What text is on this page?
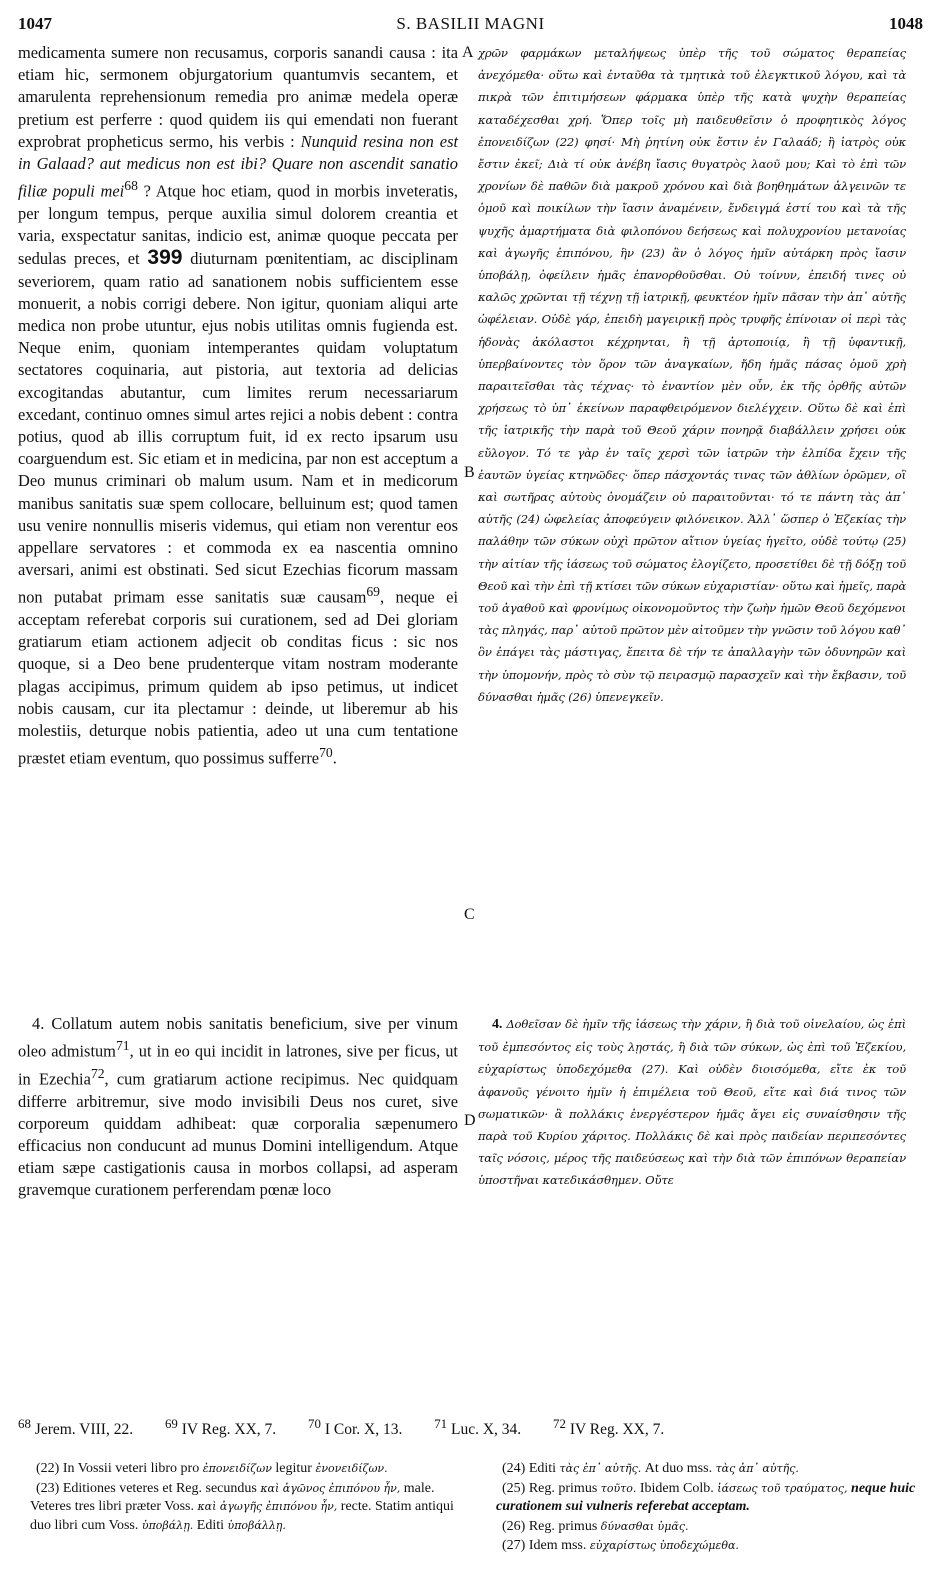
1047	S. BASILII MAGNI	1048
A
B
C
D

medicamenta sumere non recusamus, corporis sanandi causa : ita etiam hic, sermonem objurgatorium quantumvis secantem, et amarulenta reprehensionum remedia pro animæ medela operæ pretium est perferre : quod quidem iis qui emendati non fuerant exprobrat propheticus sermo, his verbis : Nunquid resina non est in Galaad? aut medicus non est ibi? Quare non ascendit sanatio filiæ populi mei$^{68}$ ? Atque hoc etiam, quod in morbis inveteratis, per longum tempus, perque auxilia simul dolorem creantia et varia, exspectatur sanitas, indicio est, animæ quoque peccata per sedulas preces, et 399 diuturnam pœnitentiam, ac disciplinam severiorem, quam ratio ad sanationem nobis sufficientem esse monuerit, a nobis corrigi debere. Non igitur, quoniam aliqui arte medica non probe utuntur, ejus nobis utilitas omnis fugienda est. Neque enim, quoniam intemperantes quidam voluptatum sectatores coquinaria, aut pistoria, aut textoria ad delicias excogitandas abutantur, cum limites rerum necessariarum excedant, continuo omnes simul artes rejici a nobis debent : contra potius, quod ab illis corruptum fuit, id ex recto ipsarum usu coarguendum est. Sic etiam et in medicina, par non est acceptum a Deo munus criminari ob malum usum. Nam et in medicorum manibus sanitatis suæ spem collocare, belluinum est; quod tamen usu venire nonnullis miseris videmus, qui etiam non verentur eos appellare servatores : et commoda ex ea nascentia omnino aversari, animi est obstinati. Sed sicut Ezechias ficorum massam non putabat primam esse sanitatis suæ causam$^{69}$, neque ei acceptam referebat corporis sui curationem, sed ad Dei gloriam gratiarum etiam actionem adjecit ob conditas ficus : sic nos quoque, si a Deo bene prudenterque vitam nostram moderante plagas accipimus, primum quidem ab ipso petimus, ut indicet nobis causam, cur ita plectamur : deinde, ut liberemur ab his molestiis, deturque nobis patientia, adeo ut una cum tentatione præstet etiam eventum, quo possimus sufferre$^{70}$.

4. Collatum autem nobis sanitatis beneficium, sive per vinum oleo admistum$^{71}$, ut in eo qui incidit in latrones, sive per ficus, ut in Ezechia$^{72}$, cum gratiarum actione recipimus. Nec quidquam differre arbitremur, sive modo invisibili Deus nos curet, sive corporeum quiddam adhibeat: quæ corporalia sæpenumero efficacius non conducunt ad munus Domini intelligendum. Atque etiam sæpe castigationis causa in morbos collapsi, ad asperam gravemque curationem perferendam pœnæ loco

χρῶν φαρμάκων μεταλήψεως ὑπὲρ τῆς τοῦ σώματος θεραπείας ἀνεχόμεθα· οὕτω καὶ ἐνταῦθα τὰ τμητικὰ τοῦ ἐλεγκτικοῦ λόγου, καὶ τὰ πικρὰ τῶν ἐπιτιμήσεων φάρμακα ὑπὲρ τῆς κατὰ ψυχὴν θεραπείας καταδέχεσθαι χρή. Ὅπερ τοῖς μὴ παιδευθεῖσιν ὁ προφητικὸς λόγος ἐπονειδίζων (22) φησί· Μὴ ῥητίνη οὐκ ἔστιν ἐν Γαλαάδ; ἢ ἰατρὸς οὐκ ἔστιν ἐκεῖ; Διὰ τί οὐκ ἀνέβη ἴασις θυγατρὸς λαοῦ μου; Καὶ τὸ ἐπὶ τῶν χρονίων δὲ παθῶν διὰ μακροῦ χρόνου καὶ διὰ βοηθημάτων ἀλγεινῶν τε ὁμοῦ καὶ ποικίλων τὴν ἴασιν ἀναμένειν, ἔνδειγμά ἐστί του καὶ τὰ τῆς ψυχῆς ἁμαρτήματα διὰ φιλοπόνου δεήσεως καὶ πολυχρονίου μετανοίας καὶ ἀγωγῆς ἐπιπόνου, ἣν (23) ἂν ὁ λόγος ἡμῖν αὐτάρκη πρὸς ἴασιν ὑποβάλῃ, ὀφείλειν ἡμᾶς ἐπανορθοῦσθαι. Οὐ τοίνυν, ἐπειδή τινες οὐ καλῶς χρῶνται τῇ τέχνῃ τῇ ἰατρικῇ, φευκτέον ἡμῖν πᾶσαν τὴν ἀπ᾽ αὐτῆς ὠφέλειαν. Οὐδὲ γάρ, ἐπειδὴ μαγειρικῇ πρὸς τρυφῆς ἐπίνοιαν οἱ περὶ τὰς ἡδονὰς ἀκόλαστοι κέχρηνται, ἢ τῇ ἀρτοποιίᾳ, ἢ τῇ ὑφαντικῇ, ὑπερβαίνοντες τὸν ὅρον τῶν ἀναγκαίων, ἤδη ἡμᾶς πάσας ὁμοῦ χρὴ παραιτεῖσθαι τὰς τέχνας· τὸ ἐναντίον μὲν οὖν, ἐκ τῆς ὀρθῆς αὐτῶν χρήσεως τὸ ὑπ᾽ ἐκείνων παραφθειρόμενον διελέγχειν. Οὕτω δὲ καὶ ἐπὶ τῆς ἰατρικῆς τὴν παρὰ τοῦ Θεοῦ χάριν πονηρᾷ διαβάλλειν χρήσει οὐκ εὔλογον. Τό τε γὰρ ἐν ταῖς χερσὶ τῶν ἰατρῶν τὴν ἐλπίδα ἔχειν τῆς ἑαυτῶν ὑγείας κτηνῶδες· ὅπερ πάσχοντάς τινας τῶν ἀθλίων ὁρῶμεν, οἳ καὶ σωτῆρας αὐτοὺς ὀνομάζειν οὐ παραιτοῦνται· τό τε πάντη τὰς ἀπ᾽ αὐτῆς (24) ὠφελείας ἀποφεύγειν φιλόνεικον. Ἀλλ᾽ ὥσπερ ὁ Ἐζεκίας τὴν παλάθην τῶν σύκων οὐχὶ πρῶτον αἴτιον ὑγείας ἡγεῖτο, οὐδὲ τούτῳ (25) τὴν αἰτίαν τῆς ἰάσεως τοῦ σώματος ἐλογίζετο, προσετίθει δὲ τῇ δόξῃ τοῦ Θεοῦ καὶ τὴν ἐπὶ τῇ κτίσει τῶν σύκων εὐχαριστίαν· οὕτω καὶ ἡμεῖς, παρὰ τοῦ ἀγαθοῦ καὶ φρονίμως οἰκονομοῦντος τὴν ζωὴν ἡμῶν Θεοῦ δεχόμενοι τὰς πληγάς, παρ᾽ αὐτοῦ πρῶτον μὲν αἰτοῦμεν τὴν γνῶσιν τοῦ λόγου καθ᾽ ὃν ἐπάγει τὰς μάστιγας, ἔπειτα δὲ τήν τε ἀπαλλαγὴν τῶν ὀδυνηρῶν καὶ τὴν ὑπομονήν, πρὸς τὸ σὺν τῷ πειρασμῷ παρασχεῖν καὶ τὴν ἔκβασιν, τοῦ δύνασθαι ἡμᾶς (26) ὑπενεγκεῖν.

4. Δοθεῖσαν δὲ ἡμῖν τῆς ἰάσεως τὴν χάριν, ἢ διὰ τοῦ οἰνελαίου, ὡς ἐπὶ τοῦ ἐμπεσόντος εἰς τοὺς λῃστάς, ἢ διὰ τῶν σύκων, ὡς ἐπὶ τοῦ Ἐζεκίου, εὐχαρίστως ὑποδεχόμεθα (27). Καὶ οὐδὲν διοισόμεθα, εἴτε ἐκ τοῦ ἀφανοῦς γένοιτο ἡμῖν ἡ ἐπιμέλεια τοῦ Θεοῦ, εἴτε καὶ διά τινος τῶν σωματικῶν· ἃ πολλάκις ἐνεργέστερον ἡμᾶς ἄγει εἰς συναίσθησιν τῆς παρὰ τοῦ Κυρίου χάριτος. Πολλάκις δὲ καὶ πρὸς παιδείαν περιπεσόντες ταῖς νόσοις, μέρος τῆς παιδεύσεως καὶ τὴν διὰ τῶν ἐπιπόνων θεραπείαν ὑποστῆναι κατεδικάσθημεν. Οὔτε

$^{68}$ Jerem. VIII, 22. $^{69}$ IV Reg. XX, 7. $^{70}$ I Cor. X, 13. $^{71}$ Luc. X, 34. $^{72}$ IV Reg. XX, 7.

(22) In Vossii veteri libro pro ἐπονειδίζων legitur ἐνονειδίζων.

(23) Editiones veteres et Reg. secundus καὶ ἀγῶνος ἐπιπόνου ἦν, male. Veteres tres libri præter Voss. καὶ ἀγωγῆς ἐπιπόνου ἦν, recte. Statim antiqui duo libri cum Voss. ὑποβάλῃ. Editi ὑποβάλλῃ.

(24) Editi τὰς ἐπ᾽ αὐτῆς. At duo mss. τὰς ἀπ᾽ αὐτῆς.

(25) Reg. primus τοῦτο. Ibidem Colb. ἰάσεως τοῦ τραύματος, neque huic curationem sui vulneris referebat acceptam.

(26) Reg. primus δύνασθαι ὑμᾶς.

(27) Idem mss. εὐχαρίστως ὑποδεχώμεθα.
